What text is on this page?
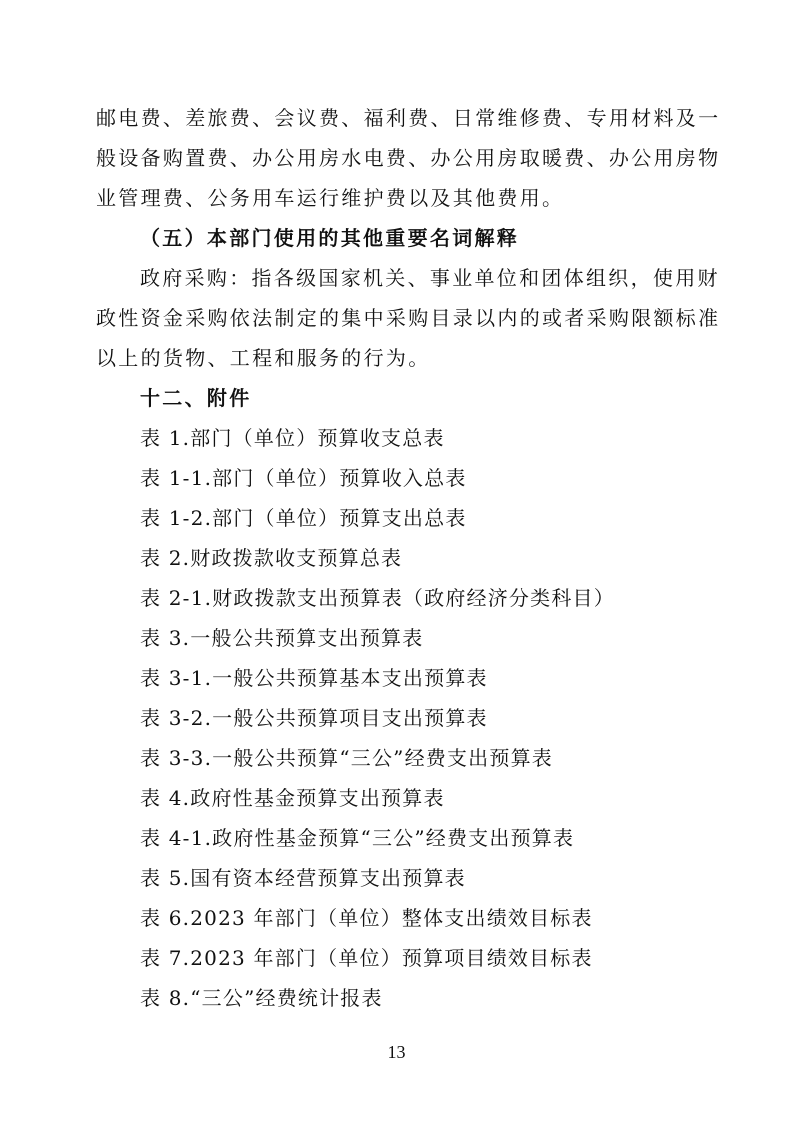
邮电费、差旅费、会议费、福利费、日常维修费、专用材料及一
般设备购置费、办公用房水电费、办公用房取暖费、办公用房物
业管理费、公务用车运行维护费以及其他费用。
（五）本部门使用的其他重要名词解释
政府采购：指各级国家机关、事业单位和团体组织，使用财
政性资金采购依法制定的集中采购目录以内的或者采购限额标准
以上的货物、工程和服务的行为。
十二、附件
表 1.部门（单位）预算收支总表
表 1-1.部门（单位）预算收入总表
表 1-2.部门（单位）预算支出总表
表 2.财政拨款收支预算总表
表 2-1.财政拨款支出预算表（政府经济分类科目）
表 3.一般公共预算支出预算表
表 3-1.一般公共预算基本支出预算表
表 3-2.一般公共预算项目支出预算表
表 3-3.一般公共预算“三公”经费支出预算表
表 4.政府性基金预算支出预算表
表 4-1.政府性基金预算“三公”经费支出预算表
表 5.国有资本经营预算支出预算表
表 6.2023 年部门（单位）整体支出绩效目标表
表 7.2023 年部门（单位）预算项目绩效目标表
表 8.“三公”经费统计报表
13
